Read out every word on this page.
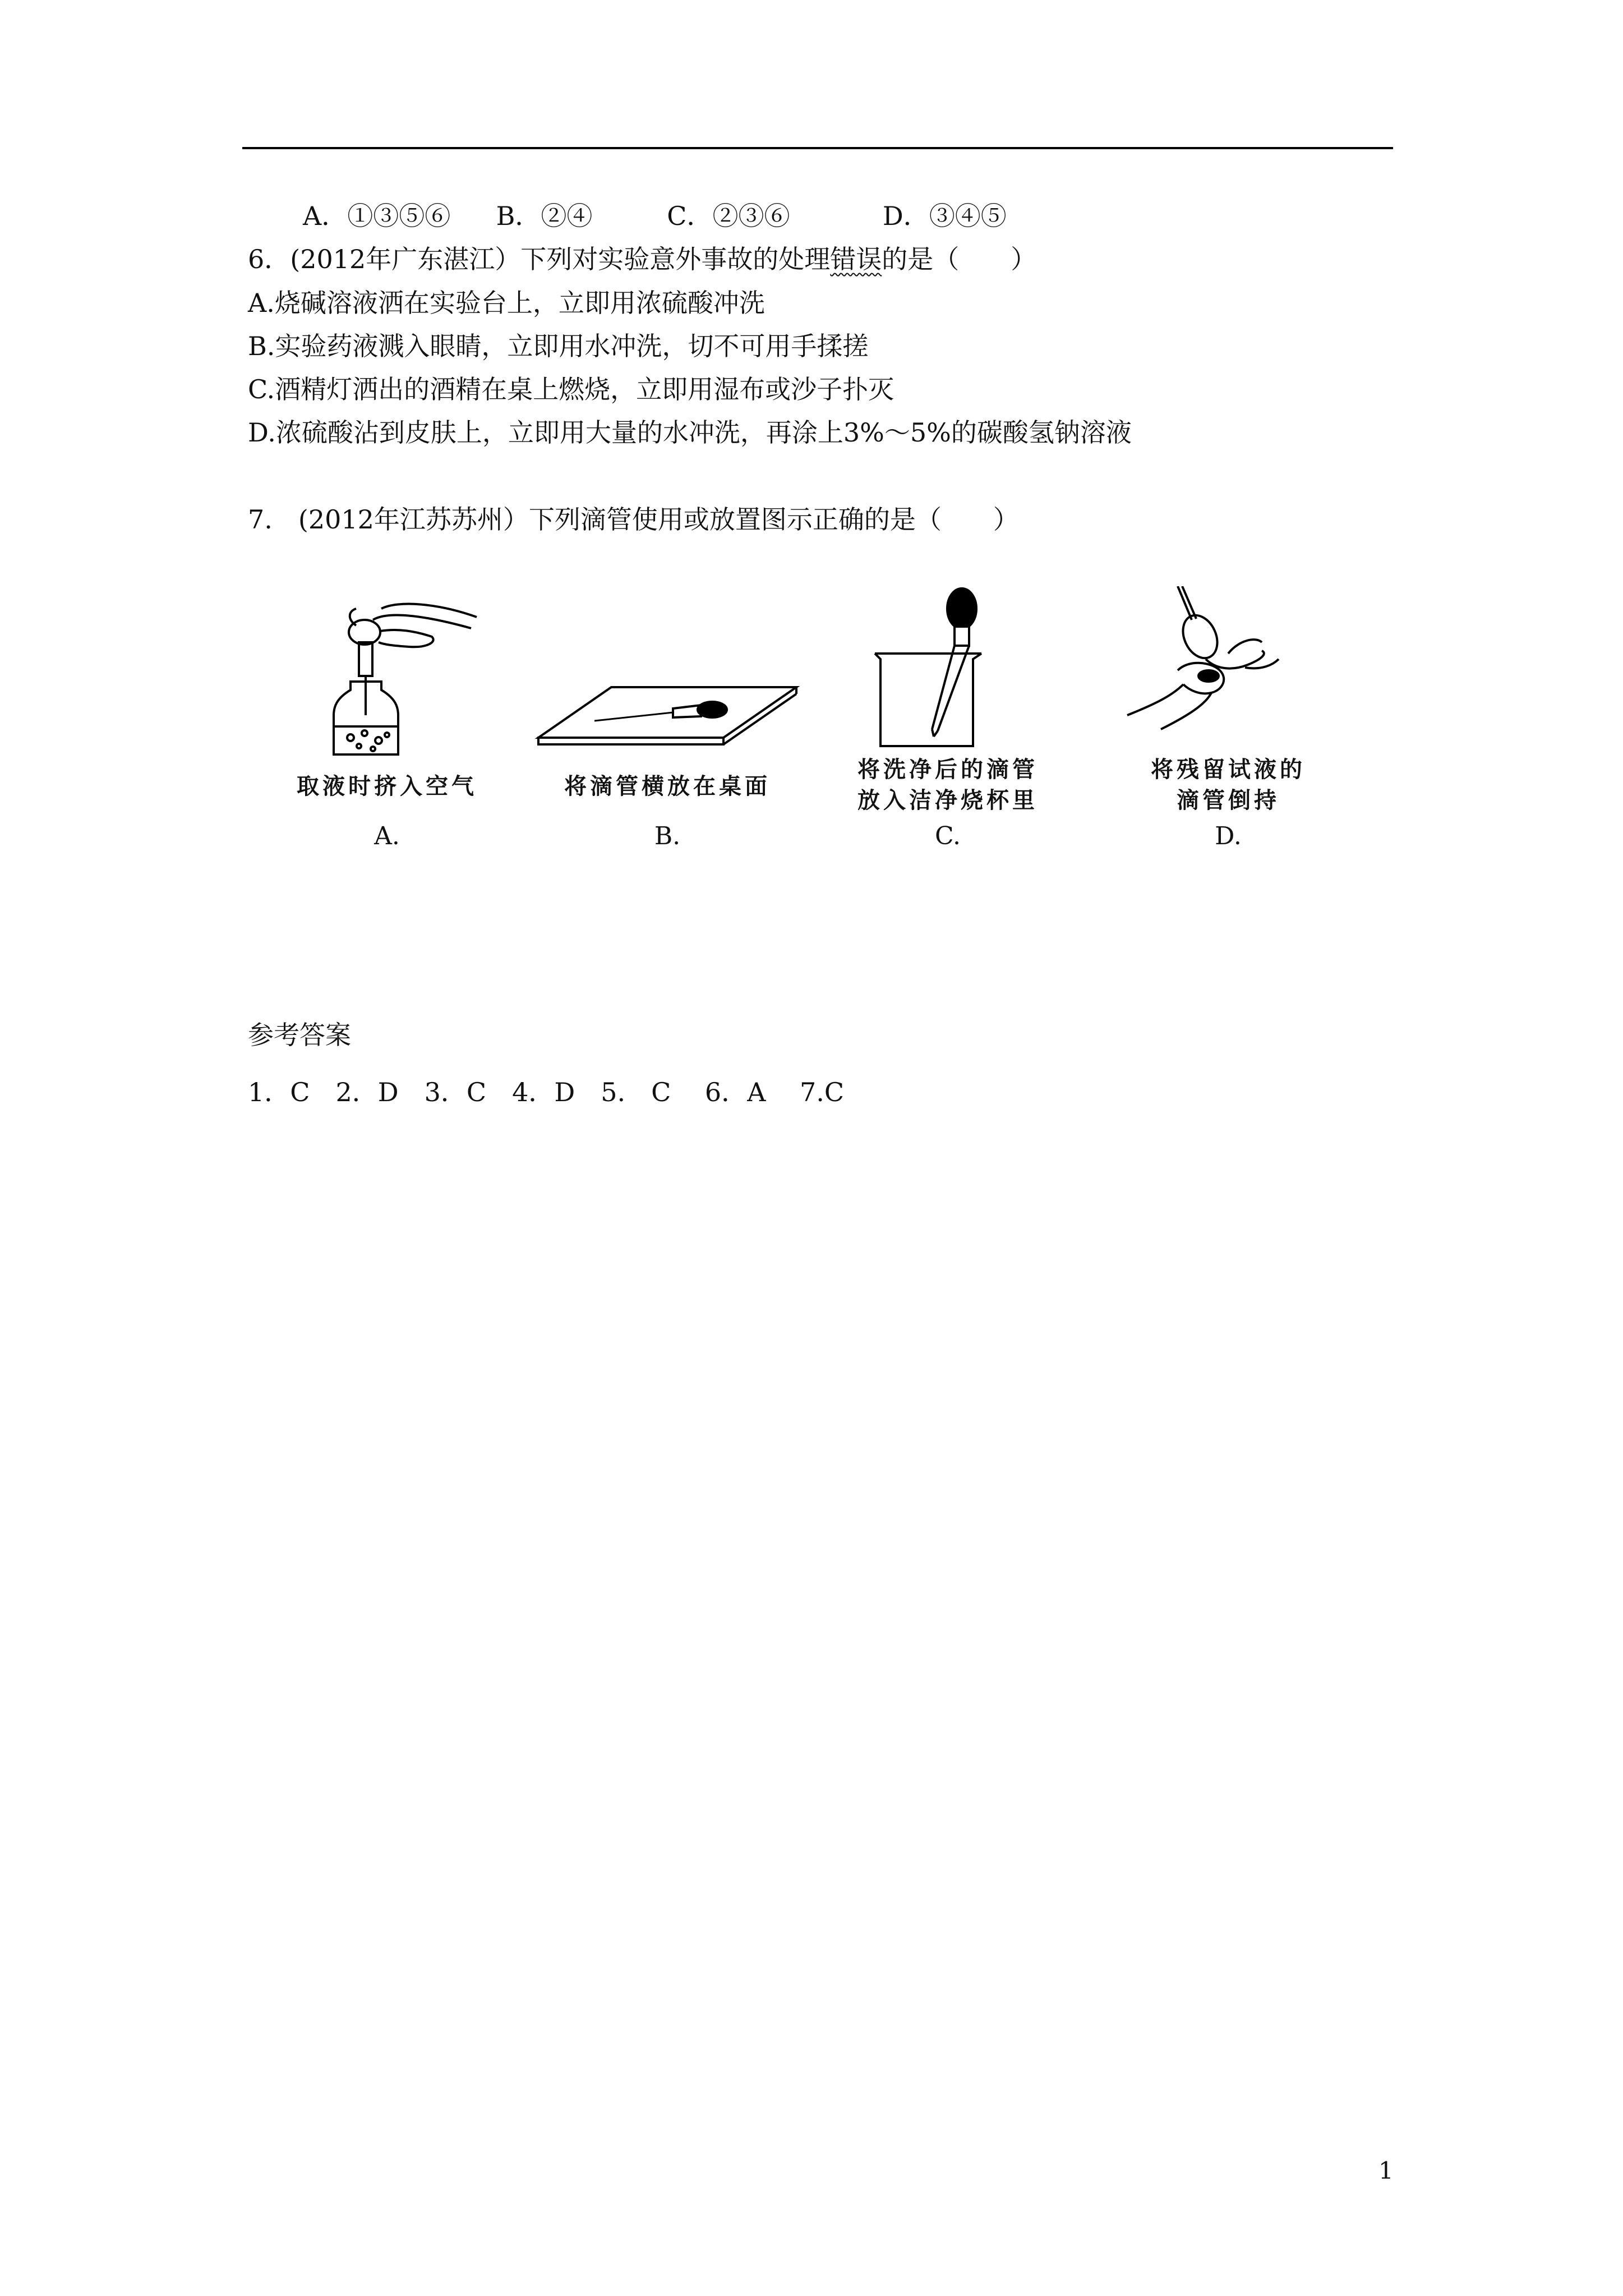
A．①③⑤⑥ B．②④	C．②③⑥	D．③④⑤
6．(2012年广东湛江）下列对实验意外事故的处理错误的是（　　）
A.烧碱溶液洒在实验台上，立即用浓硫酸冲洗
B.实验药液溅入眼睛，立即用水冲洗，切不可用手揉搓
C.酒精灯洒出的酒精在桌上燃烧，立即用湿布或沙子扑灭
D.浓硫酸沾到皮肤上，立即用大量的水冲洗，再涂上3%～5%的碳酸氢钠溶液
7.　(2012年江苏苏州）下列滴管使用或放置图示正确的是（　　）
取液时挤入空气
A.
将滴管横放在桌面
B.
将洗净后的滴管
放入洁净烧杯里
C.
将残留试液的
滴管倒持
D.
参考答案
1．C　2．D　3．C　4．D　5.　C　 6．A　 7.C
1
